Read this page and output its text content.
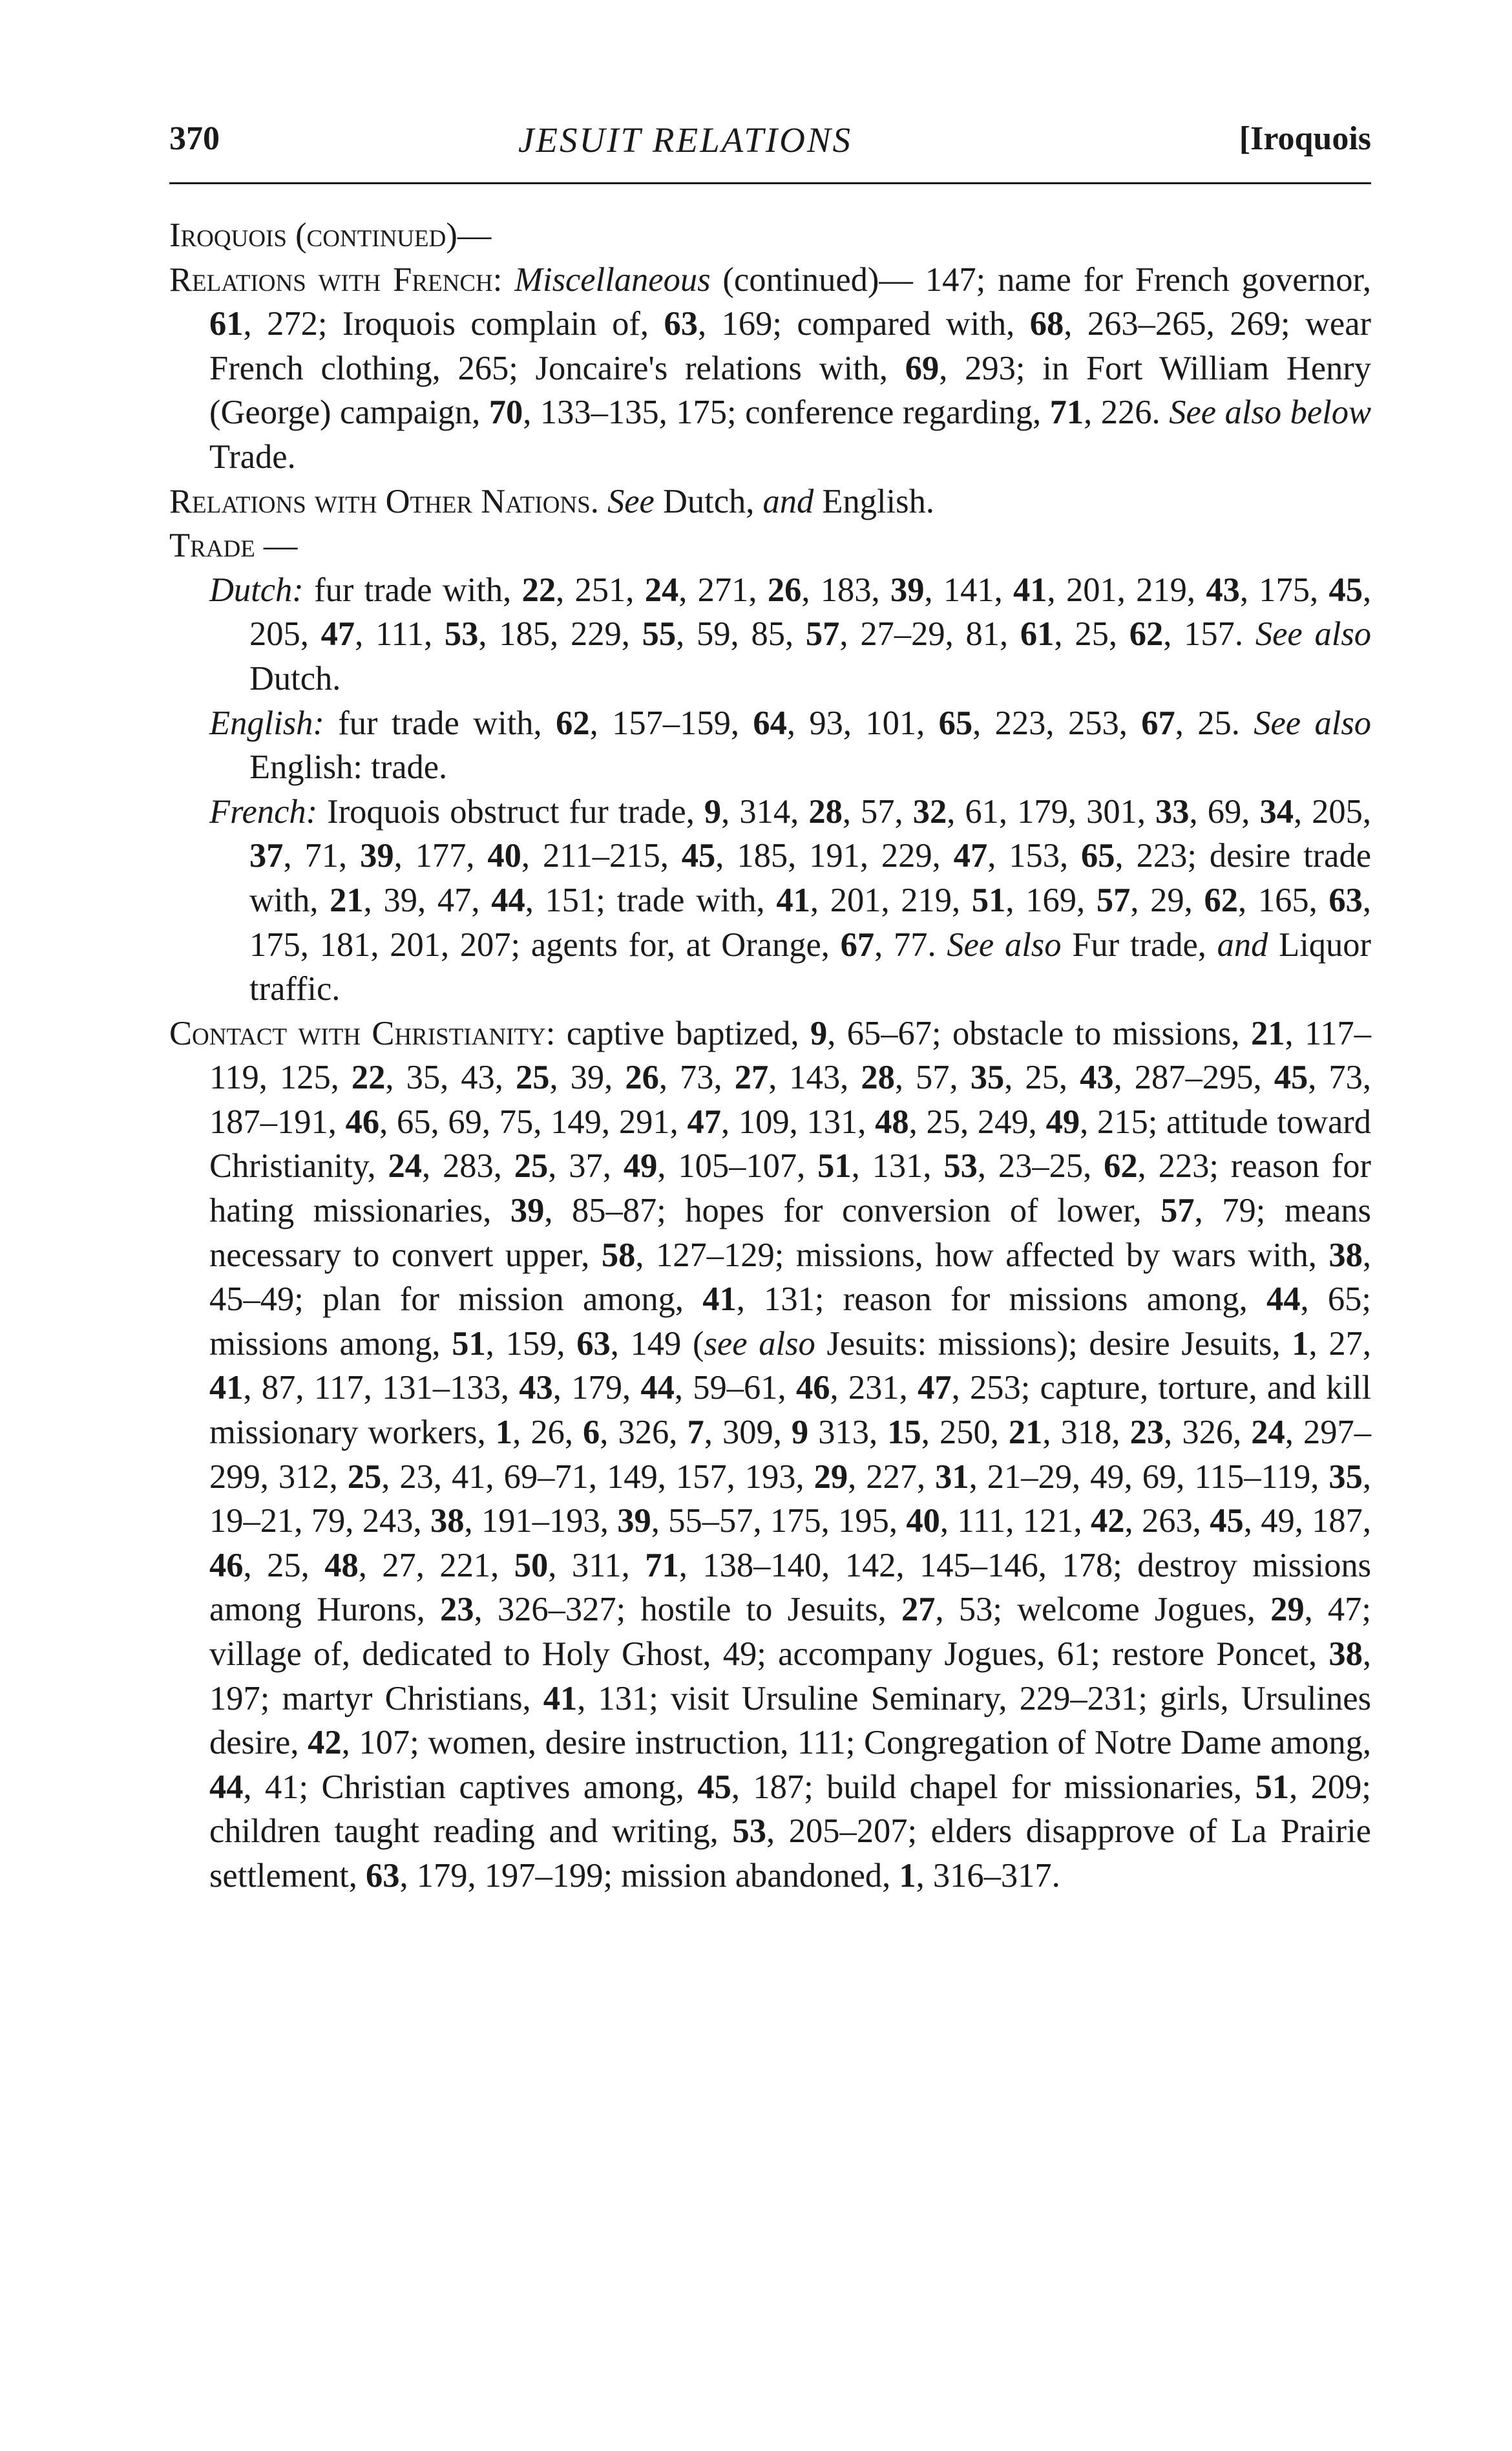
370	JESUIT RELATIONS	[Iroquois

Iroquois (continued)—

Relations with French: Miscellaneous (continued)— 147; name for French governor, 61, 272; Iroquois complain of, 63, 169; compared with, 68, 263–265, 269; wear French clothing, 265; Joncaire's relations with, 69, 293; in Fort William Henry (George) campaign, 70, 133–135, 175; conference regarding, 71, 226. See also below Trade.

Relations with Other Nations. See Dutch, and English.

Trade —

Dutch: fur trade with, 22, 251, 24, 271, 26, 183, 39, 141, 41, 201, 219, 43, 175, 45, 205, 47, 111, 53, 185, 229, 55, 59, 85, 57, 27–29, 81, 61, 25, 62, 157. See also Dutch.

English: fur trade with, 62, 157–159, 64, 93, 101, 65, 223, 253, 67, 25. See also English: trade.

French: Iroquois obstruct fur trade, 9, 314, 28, 57, 32, 61, 179, 301, 33, 69, 34, 205, 37, 71, 39, 177, 40, 211–215, 45, 185, 191, 229, 47, 153, 65, 223; desire trade with, 21, 39, 47, 44, 151; trade with, 41, 201, 219, 51, 169, 57, 29, 62, 165, 63, 175, 181, 201, 207; agents for, at Orange, 67, 77. See also Fur trade, and Liquor traffic.

Contact with Christianity: captive baptized, 9, 65–67; obstacle to missions, 21, 117–119, 125, 22, 35, 43, 25, 39, 26, 73, 27, 143, 28, 57, 35, 25, 43, 287–295, 45, 73, 187–191, 46, 65, 69, 75, 149, 291, 47, 109, 131, 48, 25, 249, 49, 215; attitude toward Christianity, 24, 283, 25, 37, 49, 105–107, 51, 131, 53, 23–25, 62, 223; reason for hating missionaries, 39, 85–87; hopes for conversion of lower, 57, 79; means necessary to convert upper, 58, 127–129; missions, how affected by wars with, 38, 45–49; plan for mission among, 41, 131; reason for missions among, 44, 65; missions among, 51, 159, 63, 149 (see also Jesuits: missions); desire Jesuits, 1, 27, 41, 87, 117, 131–133, 43, 179, 44, 59–61, 46, 231, 47, 253; capture, torture, and kill missionary workers, 1, 26, 6, 326, 7, 309, 9 313, 15, 250, 21, 318, 23, 326, 24, 297–299, 312, 25, 23, 41, 69–71, 149, 157, 193, 29, 227, 31, 21–29, 49, 69, 115–119, 35, 19–21, 79, 243, 38, 191–193, 39, 55–57, 175, 195, 40, 111, 121, 42, 263, 45, 49, 187, 46, 25, 48, 27, 221, 50, 311, 71, 138–140, 142, 145–146, 178; destroy missions among Hurons, 23, 326–327; hostile to Jesuits, 27, 53; welcome Jogues, 29, 47; village of, dedicated to Holy Ghost, 49; accompany Jogues, 61; restore Poncet, 38, 197; martyr Christians, 41, 131; visit Ursuline Seminary, 229–231; girls, Ursulines desire, 42, 107; women, desire instruction, 111; Congregation of Notre Dame among, 44, 41; Christian captives among, 45, 187; build chapel for missionaries, 51, 209; children taught reading and writing, 53, 205–207; elders disapprove of La Prairie settlement, 63, 179, 197–199; mission abandoned, 1, 316–317.
